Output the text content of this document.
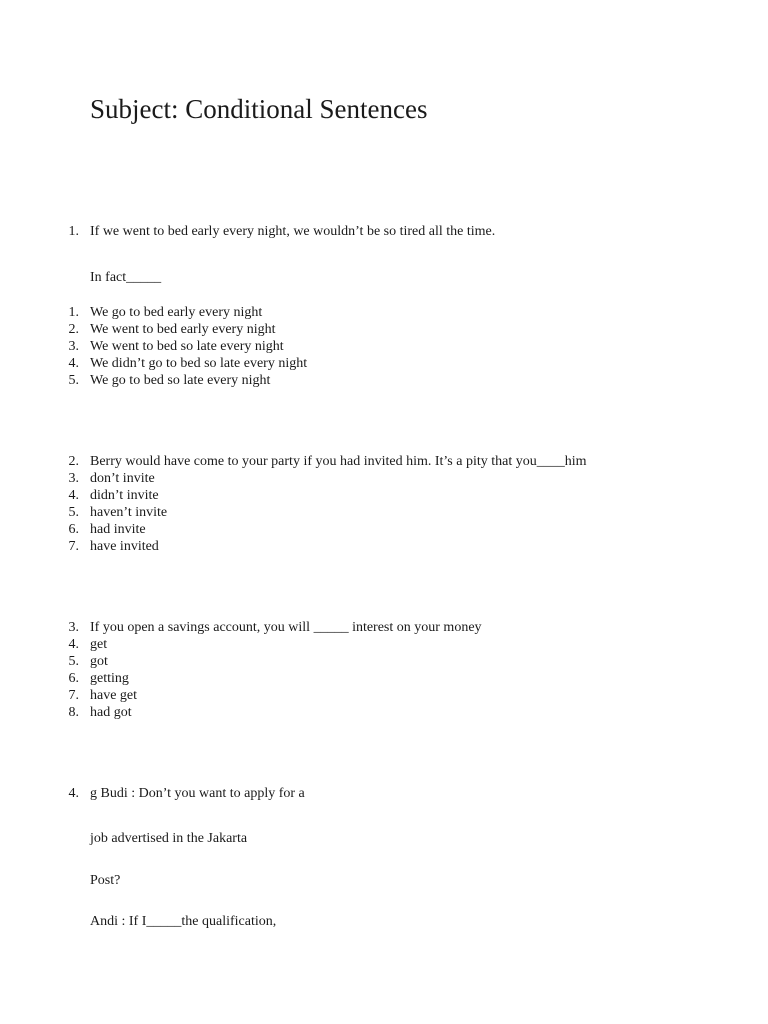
Subject: Conditional Sentences
1. If we went to bed early every night, we wouldn’t be so tired all the time.
In fact_____
1. We go to bed early every night
2. We went to bed early every night
3. We went to bed so late every night
4. We didn’t go to bed so late every night
5. We go to bed so late every night
2. Berry would have come to your party if you had invited him. It’s a pity that you____him
3. don’t invite
4. didn’t invite
5. haven’t invite
6. had invite
7. have invited
3. If you open a savings account, you will _____ interest on your money
4. get
5. got
6. getting
7. have get
8. had got
4. g Budi : Don’t you want to apply for a
job advertised in the Jakarta
Post?
Andi : If I_____the qualification,
